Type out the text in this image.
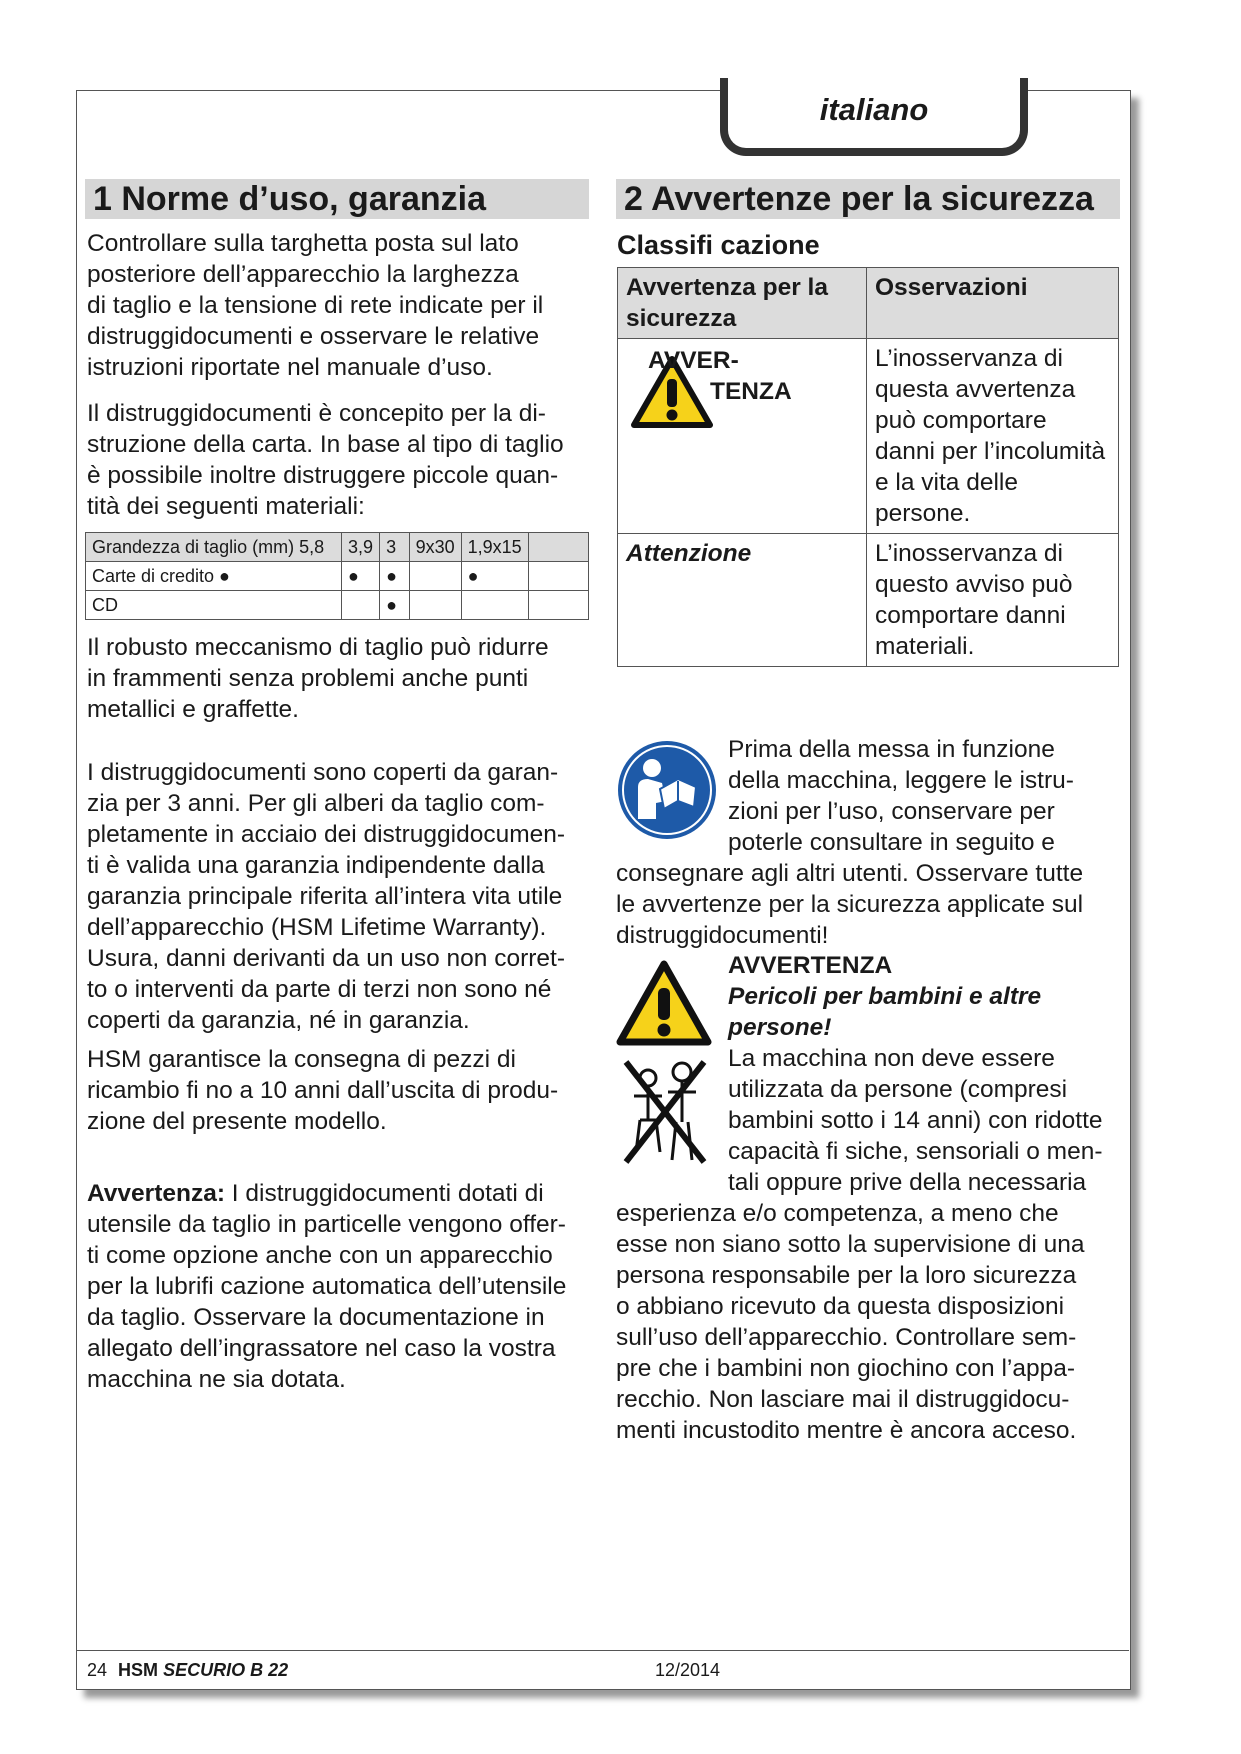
italiano
1 Norme d’uso, garanzia

Controllare sulla targhetta posta sul lato
posteriore dell’apparecchio la larghezza
di taglio e la tensione di rete indicate per il
distruggidocumenti e osservare le relative
istruzioni riportate nel manuale d’uso.

Il distruggidocumenti è concepito per la di-
struzione della carta. In base al tipo di taglio
è possibile inoltre distruggere piccole quan-
tità dei seguenti materiali:

Grandezza di taglio (mm) 5,8	3,9	3	9x30	1,9x15	
Carte di credito ●	●	●		●	
CD		●			

Il robusto meccanismo di taglio può ridurre
in frammenti senza problemi anche punti
metallici e graffette.

I distruggidocumenti sono coperti da garan-
zia per 3 anni. Per gli alberi da taglio com-
pletamente in acciaio dei distruggidocumen-
ti è valida una garanzia indipendente dalla
garanzia principale riferita all’intera vita utile
dell’apparecchio (HSM Lifetime Warranty).
Usura, danni derivanti da un uso non corret-
to o interventi da parte di terzi non sono né
coperti da garanzia, né in garanzia.

HSM garantisce la consegna di pezzi di
ricambio fi no a 10 anni dall’uscita di produ-
zione del presente modello.

Avvertenza: I distruggidocumenti dotati di
utensile da taglio in particelle vengono offer-
ti come opzione anche con un apparecchio
per la lubrifi cazione automatica dell’utensile
da taglio. Osservare la documentazione in
allegato dell’ingrassatore nel caso la vostra
macchina ne sia dotata.

2 Avvertenze per la sicurezza
Classifi cazione
Avvertenza per la sicurezza	Osservazioni

AVVER-
TENZA	L’inosservanza di questa avvertenza può comportare danni per l’incolumità e la vita delle persone.
Attenzione	L’inosservanza di questo avviso può comportare danni materiali.
Prima della messa in funzione
della macchina, leggere le istru-
zioni per l’uso, conservare per
poterle consultare in seguito e
consegnare agli altri utenti. Osservare tutte
le avvertenze per la sicurezza applicate sul
distruggidocumenti!
AVVERTENZA
Pericoli per bambini e altre
persone!
La macchina non deve essere
utilizzata da persone (compresi
bambini sotto i 14 anni) con ridotte
capacità fi siche, sensoriali o men-
tali oppure prive della necessaria
esperienza e/o competenza, a meno che
esse non siano sotto la supervisione di una
persona responsabile per la loro sicurezza
o abbiano ricevuto da questa disposizioni
sull’uso dell’apparecchio. Controllare sem-
pre che i bambini non giochino con l’appa-
recchio. Non lasciare mai il distruggidocu-
menti incustodito mentre è ancora acceso.
24 HSM SECURIO B 22	12/2014
